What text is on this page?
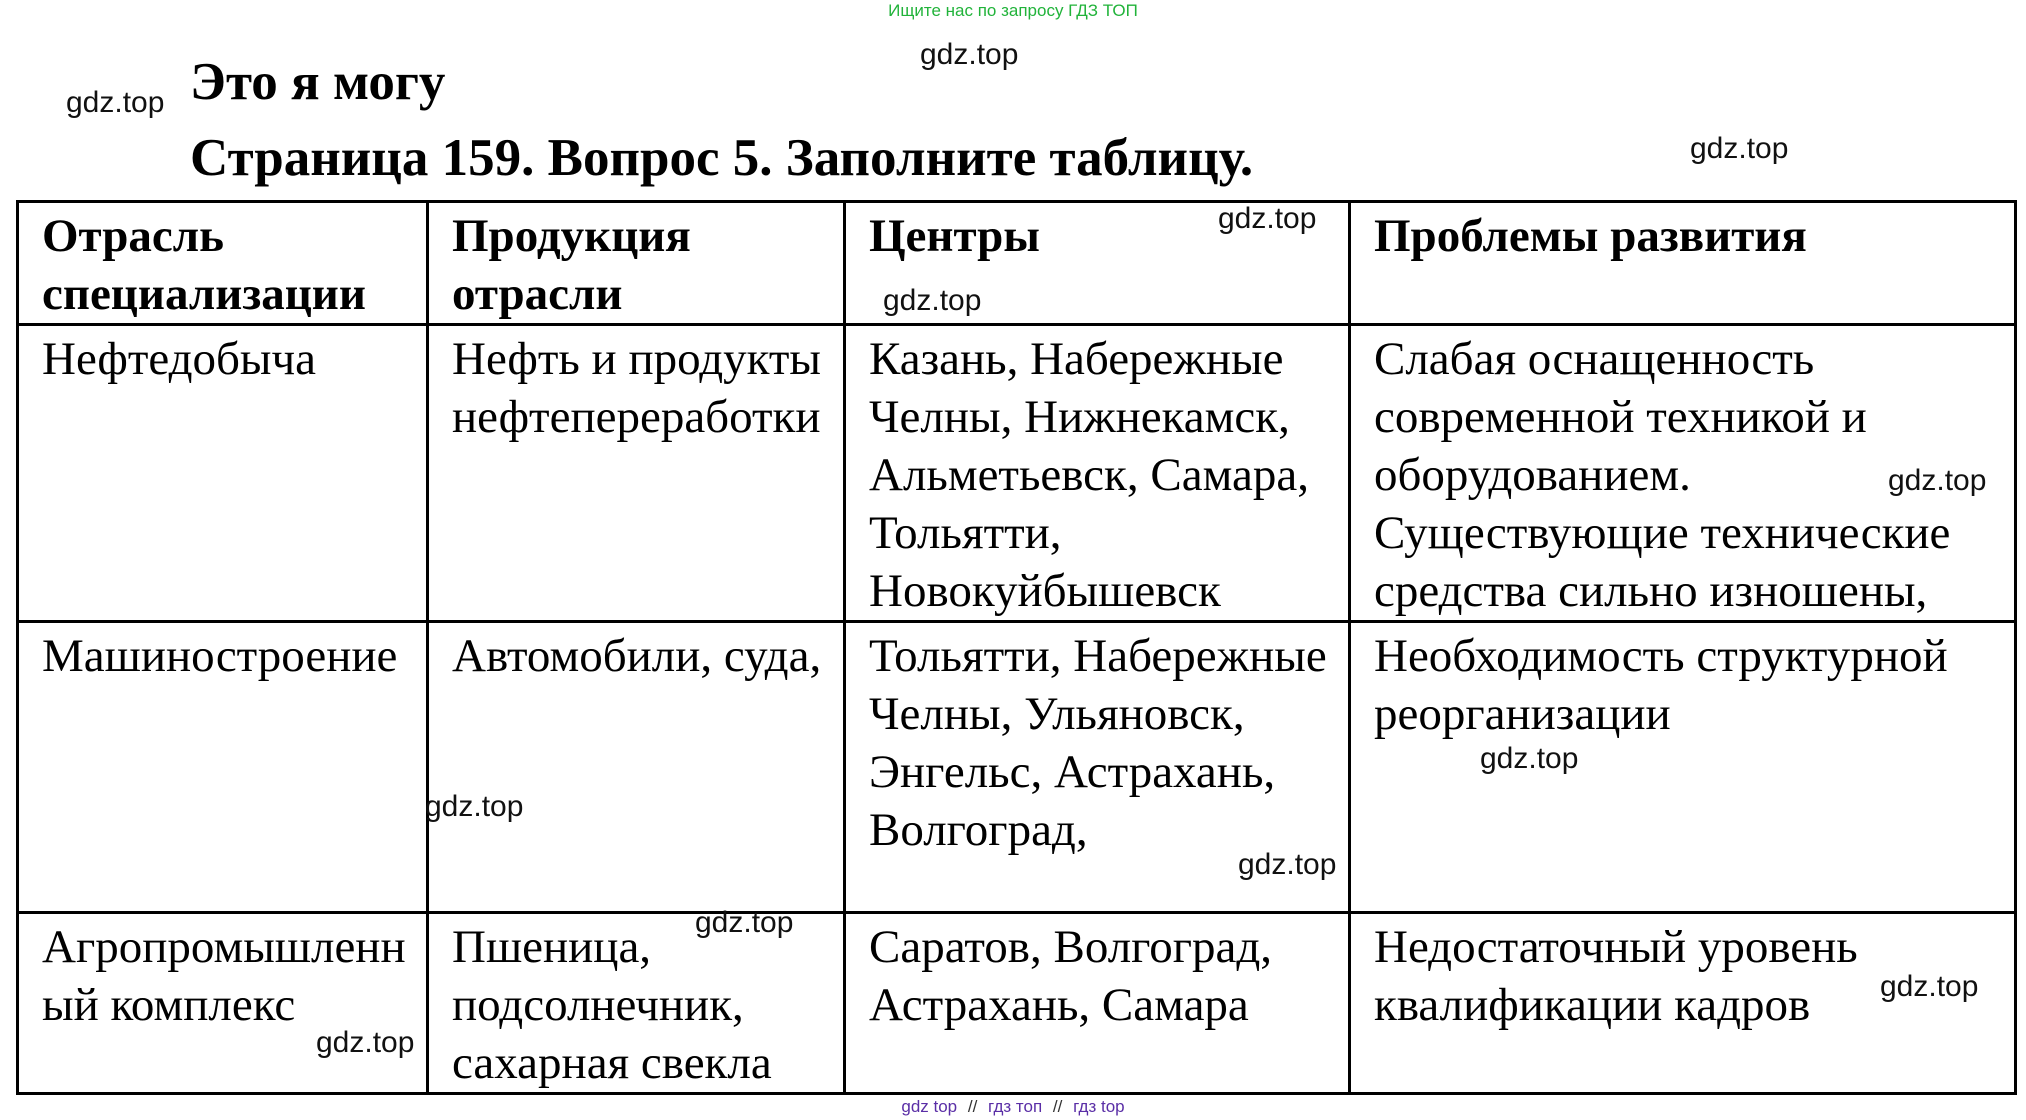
Ищите нас по запросу ГДЗ ТОП
Это я могу
Страница 159. Вопрос 5. Заполните таблицу.
Отрасль специализации	Продукция отрасли	Центры	Проблемы развития
Нефтедобыча	Нефть и продукты нефтепереработки	Казань, Набережные Челны, Нижнекамск, Альметьевск, Самара, Тольятти, Новокуйбышевск	Слабая оснащенность современной техникой и оборудованием. Существующие технические средства сильно изношены,
Машиностроение	Автомобили, суда,	Тольятти, Набережные Челны, Ульяновск, Энгельс, Астрахань, Волгоград,	Необходимость структурной реорганизации
Агропромышленный комплекс	Пшеница, подсолнечник, сахарная свекла	Саратов, Волгоград, Астрахань, Самара	Недостаточный уровень квалификации кадров
gdz.top
gdz.top
gdz.top
gdz.top
gdz.top
gdz.top
gdz.top
gdz.top
gdz.top
gdz.top
gdz.top
gdz.top
gdz top // гдз топ // гдз top
